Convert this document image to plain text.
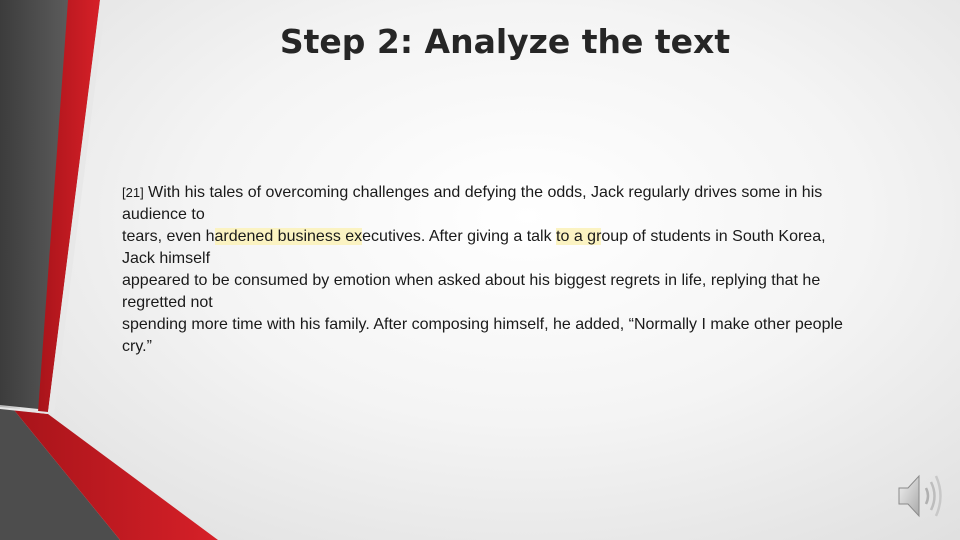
Step 2: Analyze the text
[21] With his tales of overcoming challenges and defying the odds, Jack regularly drives some in his
audience to
tears, even hardened business executives. After giving a talk to a group of students in South Korea,
Jack himself
appeared to be consumed by emotion when asked about his biggest regrets in life, replying that he
regretted not
spending more time with his family. After composing himself, he added, “Normally I make other people
cry.”
